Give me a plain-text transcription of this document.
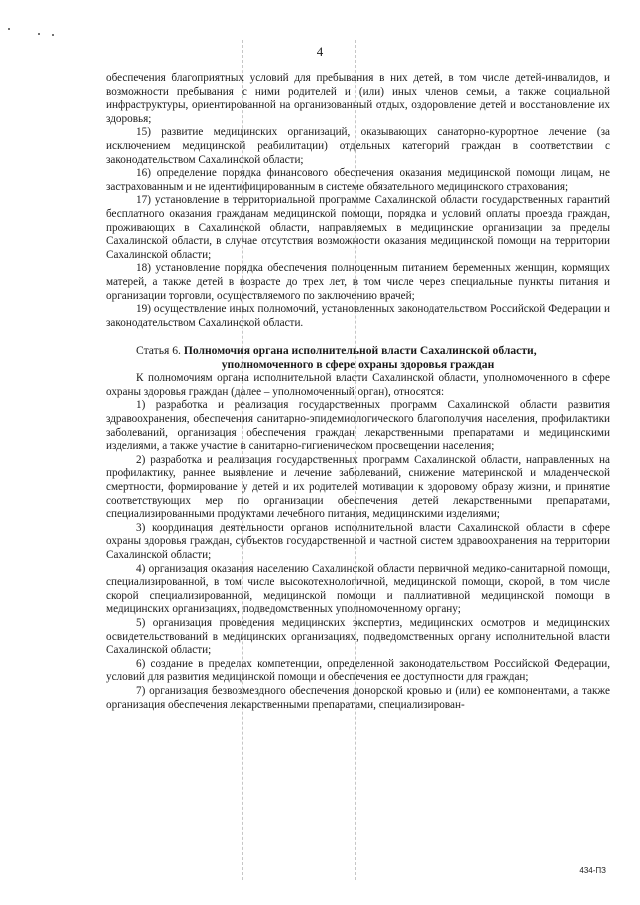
4

обеспечения благоприятных условий для пребывания в них детей, в том числе детей-инвалидов, и возможности пребывания с ними родителей и (или) иных членов семьи, а также социальной инфраструктуры, ориентированной на организованный отдых, оздоровление детей и восстановление их здоровья;

15) развитие медицинских организаций, оказывающих санаторно-курортное лечение (за исключением медицинской реабилитации) отдельных категорий граждан в соответствии с законодательством Сахалинской области;

16) определение порядка финансового обеспечения оказания медицинской помощи лицам, не застрахованным и не идентифицированным в системе обязательного медицинского страхования;

17) установление в территориальной программе Сахалинской области государственных гарантий бесплатного оказания гражданам медицинской помощи, порядка и условий оплаты проезда граждан, проживающих в Сахалинской области, направляемых в медицинские организации за пределы Сахалинской области, в случае отсутствия возможности оказания медицинской помощи на территории Сахалинской области;

18) установление порядка обеспечения полноценным питанием беременных женщин, кормящих матерей, а также детей в возрасте до трех лет, в том числе через специальные пункты питания и организации торговли, осуществляемого по заключению врачей;

19) осуществление иных полномочий, установленных законодательством Российской Федерации и законодательством Сахалинской области.

Статья 6. Полномочия органа исполнительной власти Сахалинской области,
уполномоченного в сфере охраны здоровья граждан

К полномочиям органа исполнительной власти Сахалинской области, уполномоченного в сфере охраны здоровья граждан (далее – уполномоченный орган), относятся:

1) разработка и реализация государственных программ Сахалинской области развития здравоохранения, обеспечения санитарно-эпидемиологического благополучия населения, профилактики заболеваний, организация обеспечения граждан лекарственными препаратами и медицинскими изделиями, а также участие в санитарно-гигиеническом просвещении населения;

2) разработка и реализация государственных программ Сахалинской области, направленных на профилактику, раннее выявление и лечение заболеваний, снижение материнской и младенческой смертности, формирование у детей и их родителей мотивации к здоровому образу жизни, и принятие соответствующих мер по организации обеспечения детей лекарственными препаратами, специализированными продуктами лечебного питания, медицинскими изделиями;

3) координация деятельности органов исполнительной власти Сахалинской области в сфере охраны здоровья граждан, субъектов государственной и частной систем здравоохранения на территории Сахалинской области;

4) организация оказания населению Сахалинской области первичной медико-санитарной помощи, специализированной, в том числе высокотехнологичной, медицинской помощи, скорой, в том числе скорой специализированной, медицинской помощи и паллиативной медицинской помощи в медицинских организациях, подведомственных уполномоченному органу;

5) организация проведения медицинских экспертиз, медицинских осмотров и медицинских освидетельствований в медицинских организациях, подведомственных органу исполнительной власти Сахалинской области;

6) создание в пределах компетенции, определенной законодательством Российской Федерации, условий для развития медицинской помощи и обеспечения ее доступности для граждан;

7) организация безвозмездного обеспечения донорской кровью и (или) ее компонентами, а также организация обеспечения лекарственными препаратами, специализирован-

434-ПЗ
